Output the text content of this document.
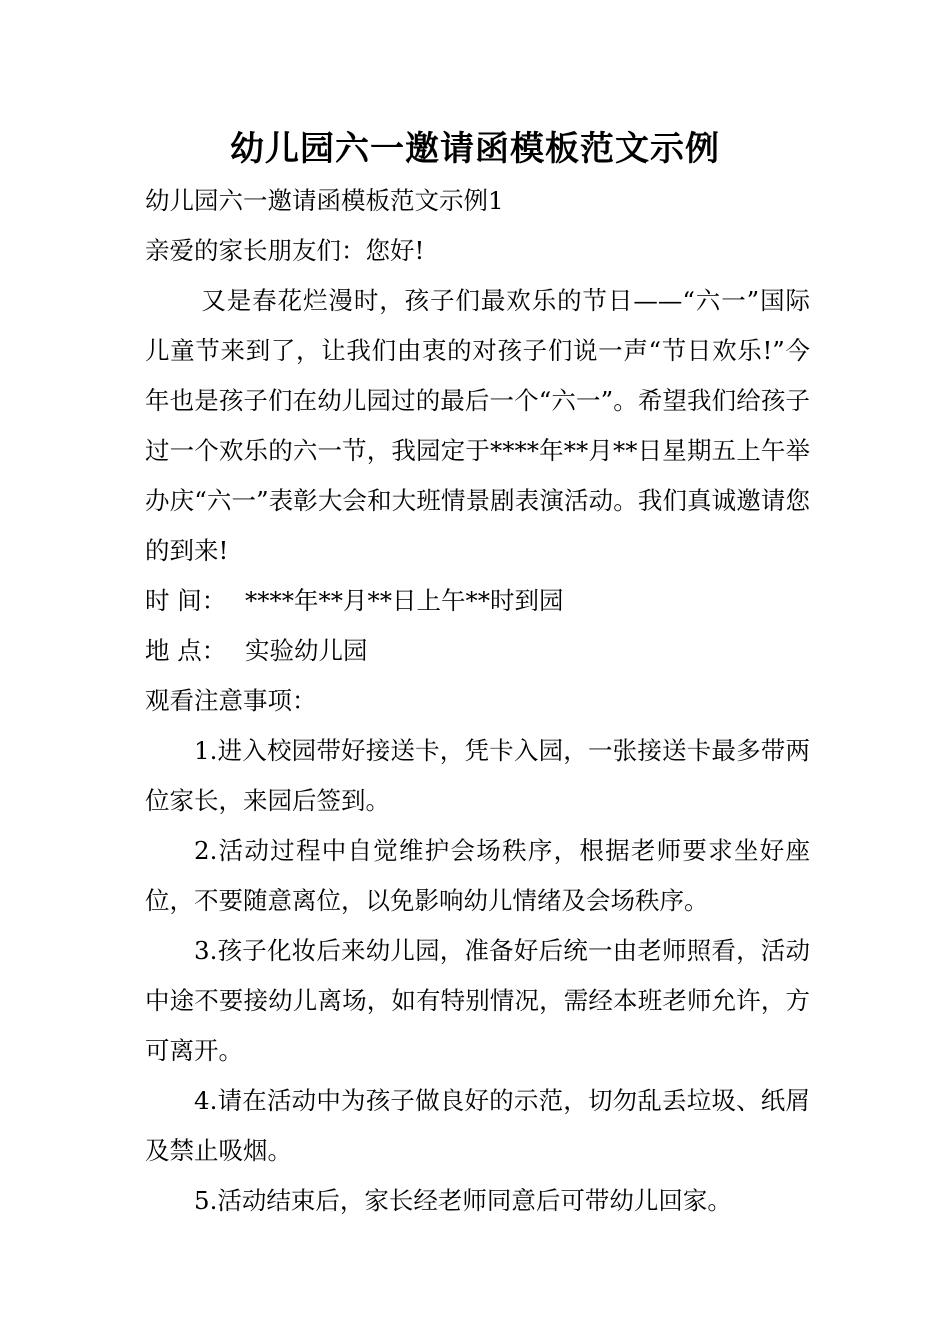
幼儿园六一邀请函模板范文示例

幼儿园六一邀请函模板范文示例1

亲爱的家长朋友们：您好!

又是春花烂漫时，孩子们最欢乐的节日——“六一”国际儿童节来到了，让我们由衷的对孩子们说一声“节日欢乐!”今年也是孩子们在幼儿园过的最后一个“六一”。希望我们给孩子过一个欢乐的六一节，我园定于****年**月**日星期五上午举办庆“六一”表彰大会和大班情景剧表演活动。我们真诚邀请您的到来!

时 间： ****年**月**日上午**时到园

地 点： 实验幼儿园

观看注意事项：

1.进入校园带好接送卡，凭卡入园，一张接送卡最多带两位家长，来园后签到。

2.活动过程中自觉维护会场秩序，根据老师要求坐好座位，不要随意离位，以免影响幼儿情绪及会场秩序。

3.孩子化妆后来幼儿园，准备好后统一由老师照看，活动中途不要接幼儿离场，如有特别情况，需经本班老师允许，方可离开。

4.请在活动中为孩子做良好的示范，切勿乱丢垃圾、纸屑及禁止吸烟。

5.活动结束后，家长经老师同意后可带幼儿回家。
